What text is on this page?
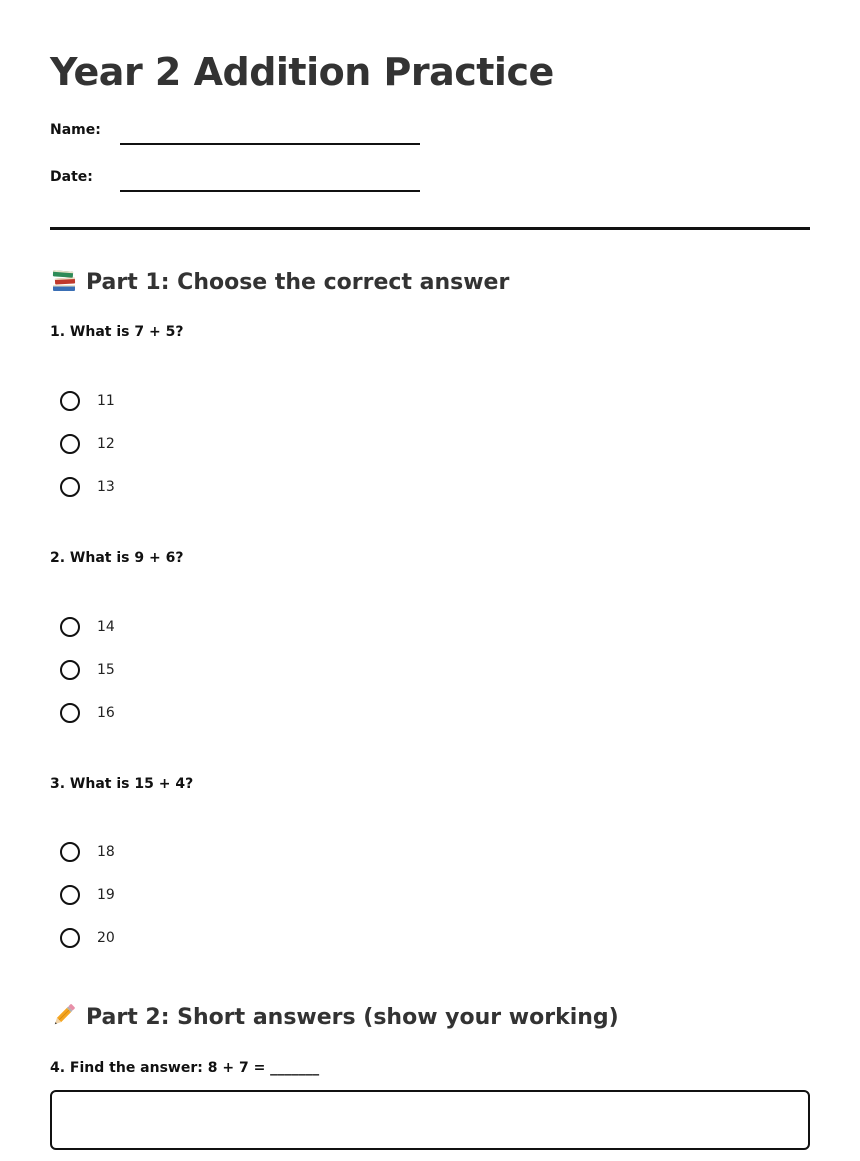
Year 2 Addition Practice
Name:
Date:
Part 1: Choose the correct answer
1. What is 7 + 5?
11
12
13
2. What is 9 + 6?
14
15
16
3. What is 15 + 4?
18
19
20
Part 2: Short answers (show your working)
4. Find the answer: 8 + 7 = _______
